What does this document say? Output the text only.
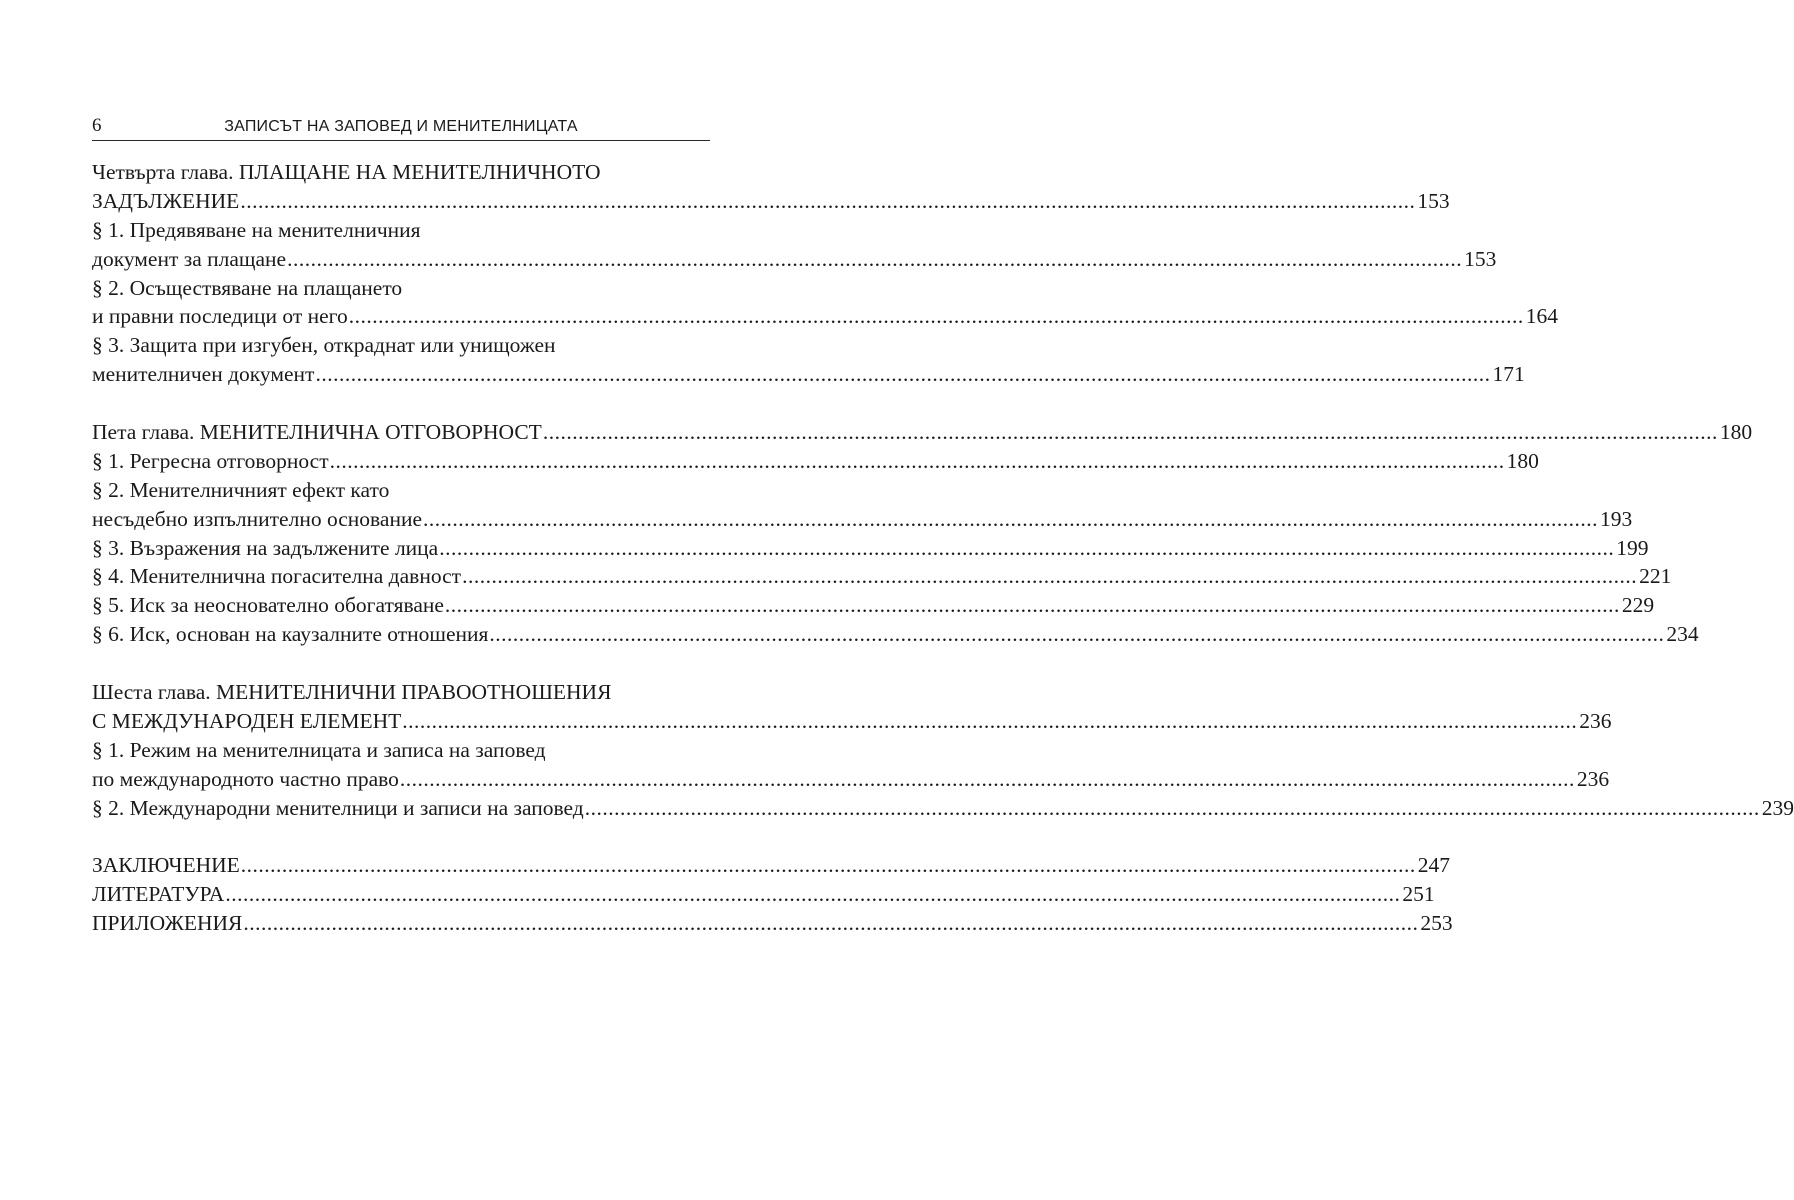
6	ЗАПИСЪТ НА ЗАПОВЕД И МЕНИТЕЛНИЦАТА
Четвърта глава. ПЛАЩАНЕ НА МЕНИТЕЛНИЧНОТО
ЗАДЪЛЖЕНИЕ ........................................................................................................................................................................................................ 153
§ 1. Предявяване на менителничния
документ за плащане ........................................................................................................................................................................................................ 153
§ 2. Осъществяване на плащането
и правни последици от него ........................................................................................................................................................................................................ 164
§ 3. Защита при изгубен, откраднат или унищожен
менителничен документ ........................................................................................................................................................................................................ 171
Пета глава. МЕНИТЕЛНИЧНА ОТГОВОРНОСТ ........................................................................................................................................................................................................ 180
§ 1. Регресна отговорност ........................................................................................................................................................................................................ 180
§ 2. Менителничният ефект като
несъдебно изпълнително основание ........................................................................................................................................................................................................ 193
§ 3. Възражения на задължените лица ........................................................................................................................................................................................................ 199
§ 4. Менителнична погасителна давност ........................................................................................................................................................................................................ 221
§ 5. Иск за неоснователно обогатяване ........................................................................................................................................................................................................ 229
§ 6. Иск, основан на каузалните отношения ........................................................................................................................................................................................................ 234
Шеста глава. МЕНИТЕЛНИЧНИ ПРАВООТНОШЕНИЯ
С МЕЖДУНАРОДЕН ЕЛЕМЕНТ ........................................................................................................................................................................................................ 236
§ 1. Режим на менителницата и записа на заповед
по международното частно право ........................................................................................................................................................................................................ 236
§ 2. Международни менителници и записи на заповед ........................................................................................................................................................................................................ 239
ЗАКЛЮЧЕНИЕ ........................................................................................................................................................................................................ 247
ЛИТЕРАТУРА ........................................................................................................................................................................................................ 251
ПРИЛОЖЕНИЯ ........................................................................................................................................................................................................ 253
